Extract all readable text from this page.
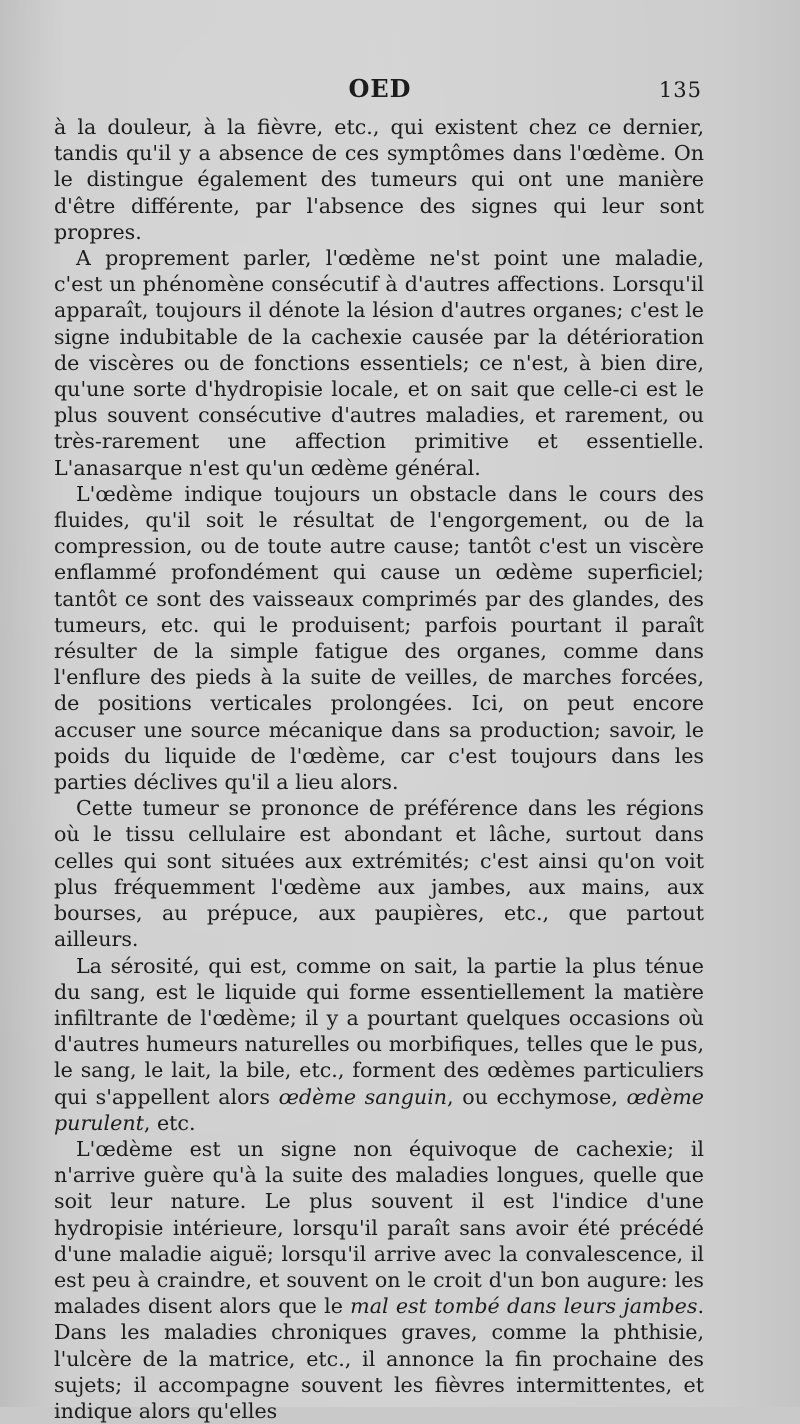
OED	135

à la douleur, à la fièvre, etc., qui existent chez ce dernier, tandis qu'il y a absence de ces symptômes dans l'œdème. On le distingue également des tumeurs qui ont une manière d'être différente, par l'absence des signes qui leur sont propres.

A proprement parler, l'œdème ne'st point une maladie, c'est un phénomène consécutif à d'autres affections. Lorsqu'il apparaît, toujours il dénote la lésion d'autres organes; c'est le signe indubitable de la cachexie causée par la détérioration de viscères ou de fonctions essentiels; ce n'est, à bien dire, qu'une sorte d'hydropisie locale, et on sait que celle-ci est le plus souvent consécutive d'autres maladies, et rarement, ou très-rarement une affection primitive et essentielle. L'anasarque n'est qu'un œdème général.

L'œdème indique toujours un obstacle dans le cours des fluides, qu'il soit le résultat de l'engorgement, ou de la compression, ou de toute autre cause; tantôt c'est un viscère enflammé profondément qui cause un œdème superficiel; tantôt ce sont des vaisseaux comprimés par des glandes, des tumeurs, etc. qui le produisent; parfois pourtant il paraît résulter de la simple fatigue des organes, comme dans l'enflure des pieds à la suite de veilles, de marches forcées, de positions verticales prolongées. Ici, on peut encore accuser une source mécanique dans sa production; savoir, le poids du liquide de l'œdème, car c'est toujours dans les parties déclives qu'il a lieu alors.

Cette tumeur se prononce de préférence dans les régions où le tissu cellulaire est abondant et lâche, surtout dans celles qui sont situées aux extrémités; c'est ainsi qu'on voit plus fréquemment l'œdème aux jambes, aux mains, aux bourses, au prépuce, aux paupières, etc., que partout ailleurs.

La sérosité, qui est, comme on sait, la partie la plus ténue du sang, est le liquide qui forme essentiellement la matière infiltrante de l'œdème; il y a pourtant quelques occasions où d'autres humeurs naturelles ou morbifiques, telles que le pus, le sang, le lait, la bile, etc., forment des œdèmes particuliers qui s'appellent alors œdème sanguin, ou ecchymose, œdème purulent, etc.

L'œdème est un signe non équivoque de cachexie; il n'arrive guère qu'à la suite des maladies longues, quelle que soit leur nature. Le plus souvent il est l'indice d'une hydropisie intérieure, lorsqu'il paraît sans avoir été précédé d'une maladie aiguë; lorsqu'il arrive avec la convalescence, il est peu à craindre, et souvent on le croit d'un bon augure: les malades disent alors que le mal est tombé dans leurs jambes. Dans les maladies chroniques graves, comme la phthisie, l'ulcère de la matrice, etc., il annonce la fin prochaine des sujets; il accompagne souvent les fièvres intermittentes, et indique alors qu'elles
